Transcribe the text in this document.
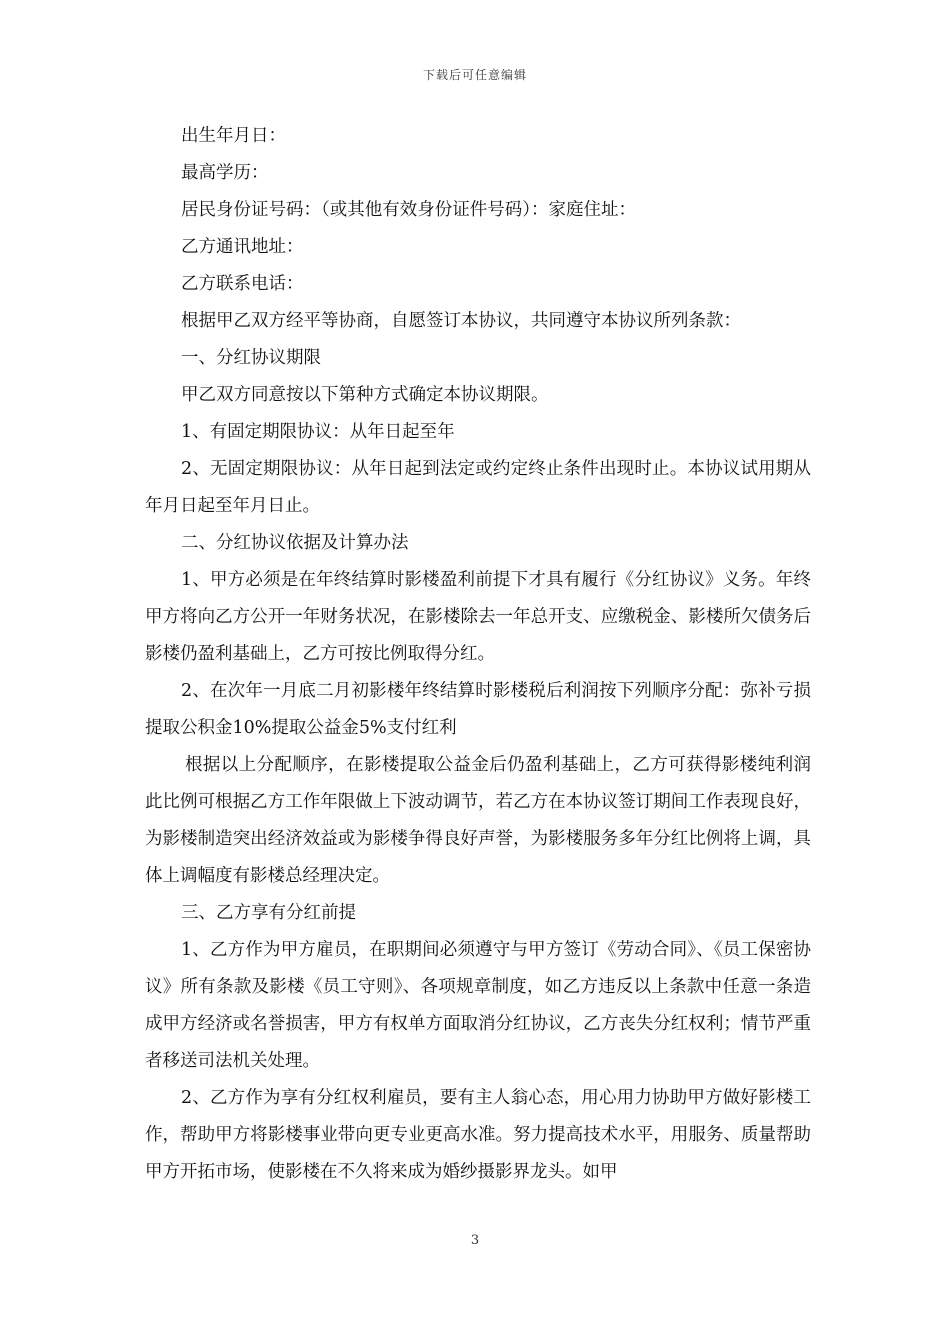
下载后可任意编辑

出生年月日：

最高学历：

居民身份证号码：（或其他有效身份证件号码）：家庭住址：

乙方通讯地址：

乙方联系电话：

根据甲乙双方经平等协商，自愿签订本协议，共同遵守本协议所列条款：

一、分红协议期限

甲乙双方同意按以下第种方式确定本协议期限。

1、有固定期限协议：从年日起至年

2、无固定期限协议：从年日起到法定或约定终止条件出现时止。本协议试用期从年月日起至年月日止。

二、分红协议依据及计算办法

1、甲方必须是在年终结算时影楼盈利前提下才具有履行《分红协议》义务。年终甲方将向乙方公开一年财务状况，在影楼除去一年总开支、应缴税金、影楼所欠债务后影楼仍盈利基础上，乙方可按比例取得分红。

2、在次年一月底二月初影楼年终结算时影楼税后利润按下列顺序分配：弥补亏损提取公积金10%提取公益金5%支付红利

根据以上分配顺序，在影楼提取公益金后仍盈利基础上，乙方可获得影楼纯利润此比例可根据乙方工作年限做上下波动调节，若乙方在本协议签订期间工作表现良好，为影楼制造突出经济效益或为影楼争得良好声誉，为影楼服务多年分红比例将上调，具体上调幅度有影楼总经理决定。

三、乙方享有分红前提

1、乙方作为甲方雇员，在职期间必须遵守与甲方签订《劳动合同》、《员工保密协议》所有条款及影楼《员工守则》、各项规章制度，如乙方违反以上条款中任意一条造成甲方经济或名誉损害，甲方有权单方面取消分红协议，乙方丧失分红权利；情节严重者移送司法机关处理。

2、乙方作为享有分红权利雇员，要有主人翁心态，用心用力协助甲方做好影楼工作，帮助甲方将影楼事业带向更专业更高水准。努力提高技术水平，用服务、质量帮助甲方开拓市场，使影楼在不久将来成为婚纱摄影界龙头。如甲

3
